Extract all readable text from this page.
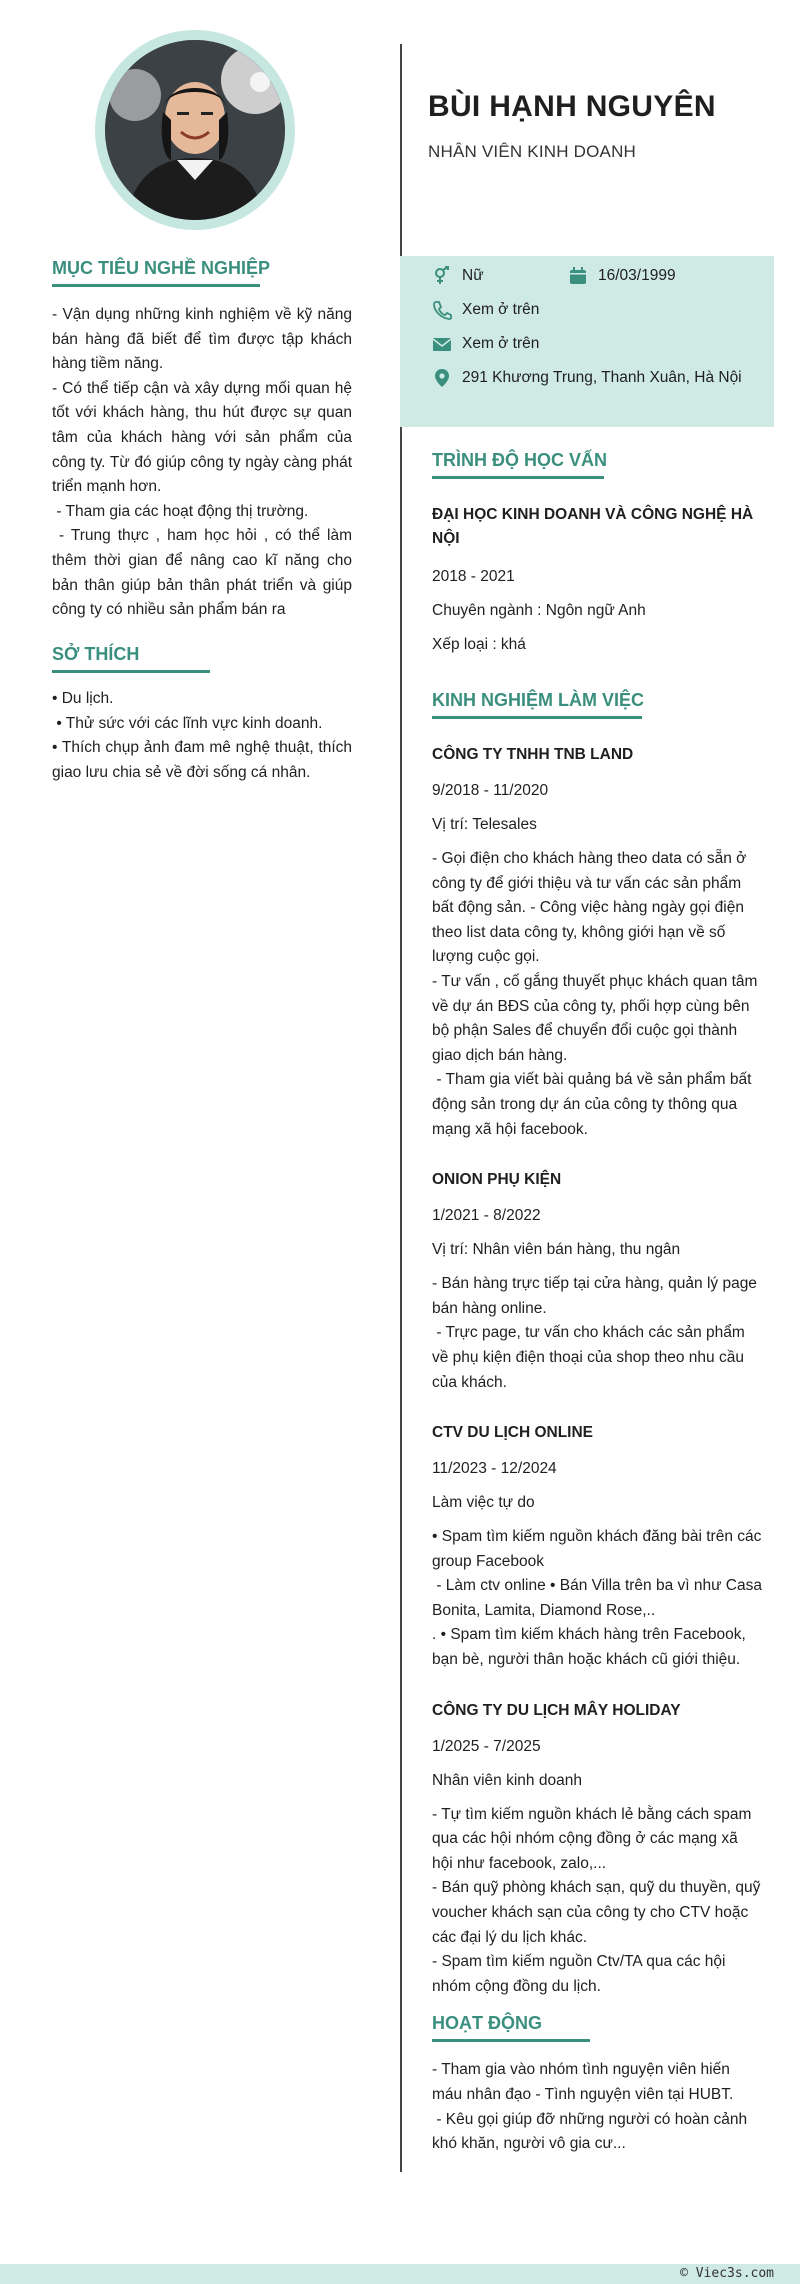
BÙI HẠNH NGUYÊN
NHÂN VIÊN KINH DOANH
MỤC TIÊU NGHỀ NGHIỆP
- Vận dụng những kinh nghiệm về kỹ năng bán hàng đã biết để tìm được tập khách hàng tiềm năng.
- Có thể tiếp cận và xây dựng mối quan hệ tốt với khách hàng, thu hút được sự quan tâm của khách hàng với sản phẩm của công ty. Từ đó giúp công ty ngày càng phát triển mạnh hơn.
- Tham gia các hoạt động thị trường.
- Trung thực , ham học hỏi , có thể làm thêm thời gian để nâng cao kĩ năng cho bản thân giúp bản thân phát triển và giúp công ty có nhiều sản phẩm bán ra
SỞ THÍCH
• Du lịch.
• Thử sức với các lĩnh vực kinh doanh.
• Thích chụp ảnh đam mê nghệ thuật, thích giao lưu chia sẻ về đời sống cá nhân.
Nữ	16/03/1999
Xem ở trên
Xem ở trên
291 Khương Trung, Thanh Xuân, Hà Nội
TRÌNH ĐỘ HỌC VẤN
ĐẠI HỌC KINH DOANH VÀ CÔNG NGHỆ HÀ NỘI
2018 - 2021
Chuyên ngành : Ngôn ngữ Anh
Xếp loại : khá
KINH NGHIỆM LÀM VIỆC
CÔNG TY TNHH TNB LAND
9/2018 - 11/2020
Vị trí: Telesales
- Gọi điện cho khách hàng theo data có sẵn ở công ty để giới thiệu và tư vấn các sản phẩm bất động sản. - Công việc hàng ngày gọi điện theo list data công ty, không giới hạn về số lượng cuộc gọi.
- Tư vấn , cố gắng thuyết phục khách quan tâm về dự án BĐS của công ty, phối hợp cùng bên bộ phận Sales để chuyển đổi cuộc gọi thành giao dịch bán hàng.
- Tham gia viết bài quảng bá về sản phẩm bất động sản trong dự án của công ty thông qua mạng xã hội facebook.
ONION PHỤ KIỆN
1/2021 - 8/2022
Vị trí: Nhân viên bán hàng, thu ngân
- Bán hàng trực tiếp tại cửa hàng, quản lý page bán hàng online.
- Trực page, tư vấn cho khách các sản phẩm về phụ kiện điện thoại của shop theo nhu cầu của khách.
CTV DU LỊCH ONLINE
11/2023 - 12/2024
Làm việc tự do
• Spam tìm kiếm nguồn khách đăng bài trên các group Facebook
- Làm ctv online • Bán Villa trên ba vì như Casa Bonita, Lamita, Diamond Rose,..
. • Spam tìm kiếm khách hàng trên Facebook, bạn bè, người thân hoặc khách cũ giới thiệu.
CÔNG TY DU LỊCH MÂY HOLIDAY
1/2025 - 7/2025
Nhân viên kinh doanh
- Tự tìm kiếm nguồn khách lẻ bằng cách spam qua các hội nhóm cộng đồng ở các mạng xã hội như facebook, zalo,...
- Bán quỹ phòng khách sạn, quỹ du thuyền, quỹ voucher khách sạn của công ty cho CTV hoặc các đại lý du lịch khác.
- Spam tìm kiếm nguồn Ctv/TA qua các hội nhóm cộng đồng du lịch.
HOẠT ĐỘNG
- Tham gia vào nhóm tình nguyện viên hiến máu nhân đạo - Tình nguyện viên tại HUBT.
- Kêu gọi giúp đỡ những người có hoàn cảnh khó khăn, người vô gia cư...
© Viec3s.com
